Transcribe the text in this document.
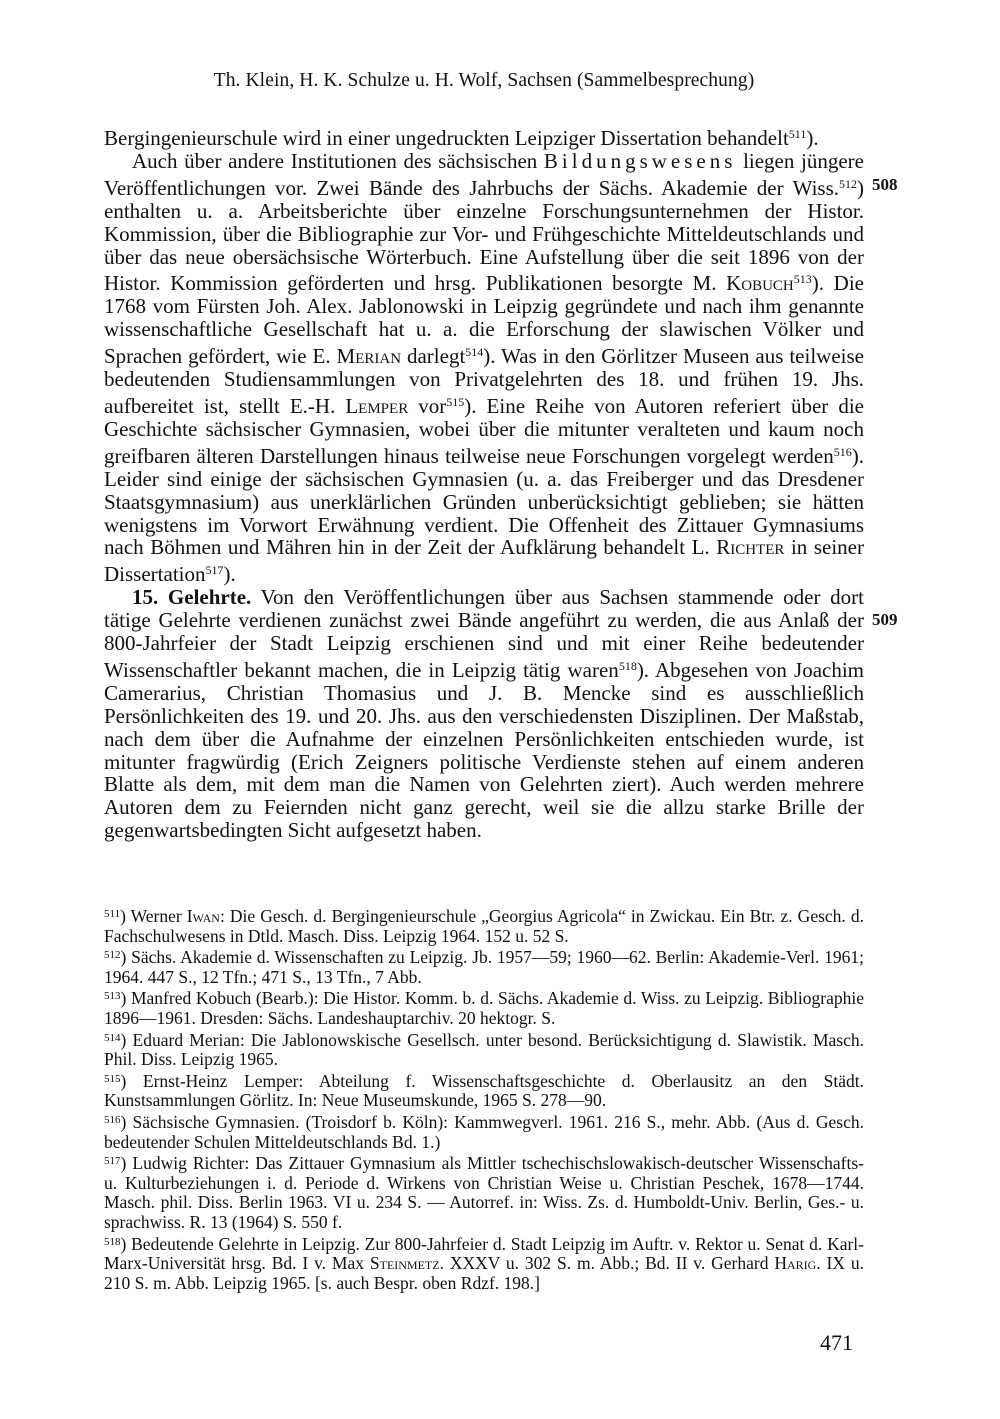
Th. Klein, H. K. Schulze u. H. Wolf, Sachsen (Sammelbesprechung)
508
509

Bergingenieurschule wird in einer ungedruckten Leipziger Dissertation behandelt$^{511}$).

Auch über andere Institutionen des sächsischen Bildungswesens liegen jüngere Veröffentlichungen vor. Zwei Bände des Jahrbuchs der Sächs. Akademie der Wiss.$^{512}$) enthalten u. a. Arbeitsberichte über einzelne Forschungsunternehmen der Histor. Kommission, über die Bibliographie zur Vor- und Frühgeschichte Mitteldeutschlands und über das neue obersächsische Wörterbuch. Eine Aufstellung über die seit 1896 von der Histor. Kommission geförderten und hrsg. Publikationen besorgte M. Kobuch$^{513}$). Die 1768 vom Fürsten Joh. Alex. Jablonowski in Leipzig gegründete und nach ihm genannte wissenschaftliche Gesellschaft hat u. a. die Erforschung der slawischen Völker und Sprachen gefördert, wie E. Merian darlegt$^{514}$). Was in den Görlitzer Museen aus teilweise bedeutenden Studiensammlungen von Privatgelehrten des 18. und frühen 19. Jhs. aufbereitet ist, stellt E.-H. Lemper vor$^{515}$). Eine Reihe von Autoren referiert über die Geschichte sächsischer Gymnasien, wobei über die mitunter veralteten und kaum noch greifbaren älteren Darstellungen hinaus teilweise neue Forschungen vorgelegt werden$^{516}$). Leider sind einige der sächsischen Gymnasien (u. a. das Freiberger und das Dresdener Staatsgymnasium) aus unerklärlichen Gründen unberücksichtigt geblieben; sie hätten wenigstens im Vorwort Erwähnung verdient. Die Offenheit des Zittauer Gymnasiums nach Böhmen und Mähren hin in der Zeit der Aufklärung behandelt L. Richter in seiner Dissertation$^{517}$).

15. Gelehrte. Von den Veröffentlichungen über aus Sachsen stammende oder dort tätige Gelehrte verdienen zunächst zwei Bände angeführt zu werden, die aus Anlaß der 800-Jahrfeier der Stadt Leipzig erschienen sind und mit einer Reihe bedeutender Wissenschaftler bekannt machen, die in Leipzig tätig waren$^{518}$). Abgesehen von Joachim Camerarius, Christian Thomasius und J. B. Mencke sind es ausschließlich Persönlichkeiten des 19. und 20. Jhs. aus den verschiedensten Disziplinen. Der Maßstab, nach dem über die Aufnahme der einzelnen Persönlichkeiten entschieden wurde, ist mitunter fragwürdig (Erich Zeigners politische Verdienste stehen auf einem anderen Blatte als dem, mit dem man die Namen von Gelehrten ziert). Auch werden mehrere Autoren dem zu Feiernden nicht ganz gerecht, weil sie die allzu starke Brille der gegenwartsbedingten Sicht aufgesetzt haben.

$^{511}$) Werner Iwan: Die Gesch. d. Bergingenieurschule „Georgius Agricola“ in Zwickau. Ein Btr. z. Gesch. d. Fachschulwesens in Dtld. Masch. Diss. Leipzig 1964. 152 u. 52 S.

$^{512}$) Sächs. Akademie d. Wissenschaften zu Leipzig. Jb. 1957—59; 1960—62. Berlin: Akademie-Verl. 1961; 1964. 447 S., 12 Tfn.; 471 S., 13 Tfn., 7 Abb.

$^{513}$) Manfred Kobuch (Bearb.): Die Histor. Komm. b. d. Sächs. Akademie d. Wiss. zu Leipzig. Bibliographie 1896—1961. Dresden: Sächs. Landeshauptarchiv. 20 hektogr. S.

$^{514}$) Eduard Merian: Die Jablonowskische Gesellsch. unter besond. Berücksichtigung d. Slawistik. Masch. Phil. Diss. Leipzig 1965.

$^{515}$) Ernst-Heinz Lemper: Abteilung f. Wissenschaftsgeschichte d. Oberlausitz an den Städt. Kunstsammlungen Görlitz. In: Neue Museumskunde, 1965 S. 278—90.

$^{516}$) Sächsische Gymnasien. (Troisdorf b. Köln): Kammwegverl. 1961. 216 S., mehr. Abb. (Aus d. Gesch. bedeutender Schulen Mitteldeutschlands Bd. 1.)

$^{517}$) Ludwig Richter: Das Zittauer Gymnasium als Mittler tschechischslowakisch-deutscher Wissenschafts- u. Kulturbeziehungen i. d. Periode d. Wirkens von Christian Weise u. Christian Peschek, 1678—1744. Masch. phil. Diss. Berlin 1963. VI u. 234 S. — Autorref. in: Wiss. Zs. d. Humboldt-Univ. Berlin, Ges.- u. sprachwiss. R. 13 (1964) S. 550 f.

$^{518}$) Bedeutende Gelehrte in Leipzig. Zur 800-Jahrfeier d. Stadt Leipzig im Auftr. v. Rektor u. Senat d. Karl-Marx-Universität hrsg. Bd. I v. Max Steinmetz. XXXV u. 302 S. m. Abb.; Bd. II v. Gerhard Harig. IX u. 210 S. m. Abb. Leipzig 1965. [s. auch Bespr. oben Rdzf. 198.]

471
